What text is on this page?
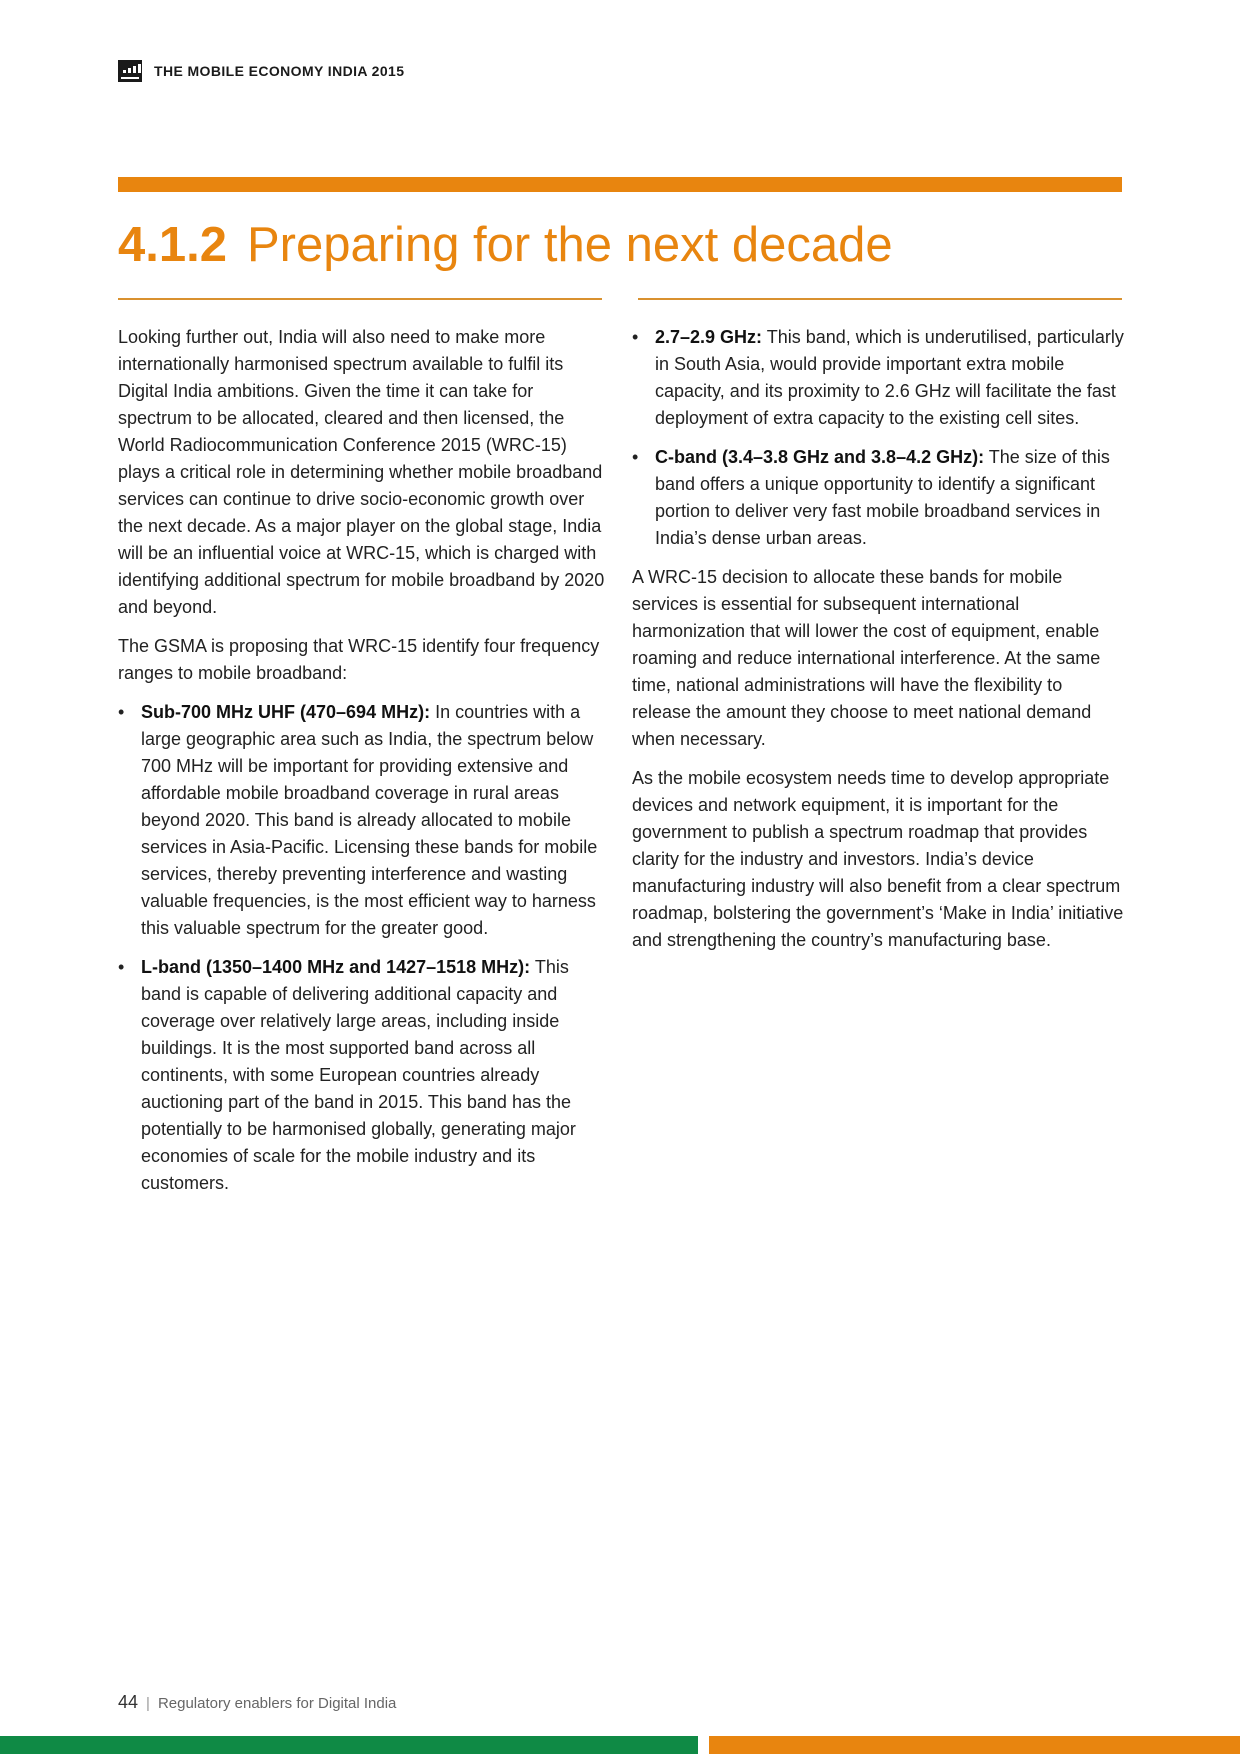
THE MOBILE ECONOMY INDIA 2015
4.1.2 Preparing for the next decade

Looking further out, India will also need to make more internationally harmonised spectrum available to fulfil its Digital India ambitions. Given the time it can take for spectrum to be allocated, cleared and then licensed, the World Radiocommunication Conference 2015 (WRC-15) plays a critical role in determining whether mobile broadband services can continue to drive socio-economic growth over the next decade. As a major player on the global stage, India will be an influential voice at WRC-15, which is charged with identifying additional spectrum for mobile broadband by 2020 and beyond.

The GSMA is proposing that WRC-15 identify four frequency ranges to mobile broadband:

• Sub-700 MHz UHF (470–694 MHz): In countries with a large geographic area such as India, the spectrum below 700 MHz will be important for providing extensive and affordable mobile broadband coverage in rural areas beyond 2020. This band is already allocated to mobile services in Asia-Pacific. Licensing these bands for mobile services, thereby preventing interference and wasting valuable frequencies, is the most efficient way to harness this valuable spectrum for the greater good.
• L-band (1350–1400 MHz and 1427–1518 MHz): This band is capable of delivering additional capacity and coverage over relatively large areas, including inside buildings. It is the most supported band across all continents, with some European countries already auctioning part of the band in 2015. This band has the potentially to be harmonised globally, generating major economies of scale for the mobile industry and its customers.
• 2.7–2.9 GHz: This band, which is underutilised, particularly in South Asia, would provide important extra mobile capacity, and its proximity to 2.6 GHz will facilitate the fast deployment of extra capacity to the existing cell sites.
• C-band (3.4–3.8 GHz and 3.8–4.2 GHz): The size of this band offers a unique opportunity to identify a significant portion to deliver very fast mobile broadband services in India’s dense urban areas.

A WRC-15 decision to allocate these bands for mobile services is essential for subsequent international harmonization that will lower the cost of equipment, enable roaming and reduce international interference. At the same time, national administrations will have the flexibility to release the amount they choose to meet national demand when necessary.

As the mobile ecosystem needs time to develop appropriate devices and network equipment, it is important for the government to publish a spectrum roadmap that provides clarity for the industry and investors. India’s device manufacturing industry will also benefit from a clear spectrum roadmap, bolstering the government’s ‘Make in India’ initiative and strengthening the country’s manufacturing base.

44 | Regulatory enablers for Digital India
